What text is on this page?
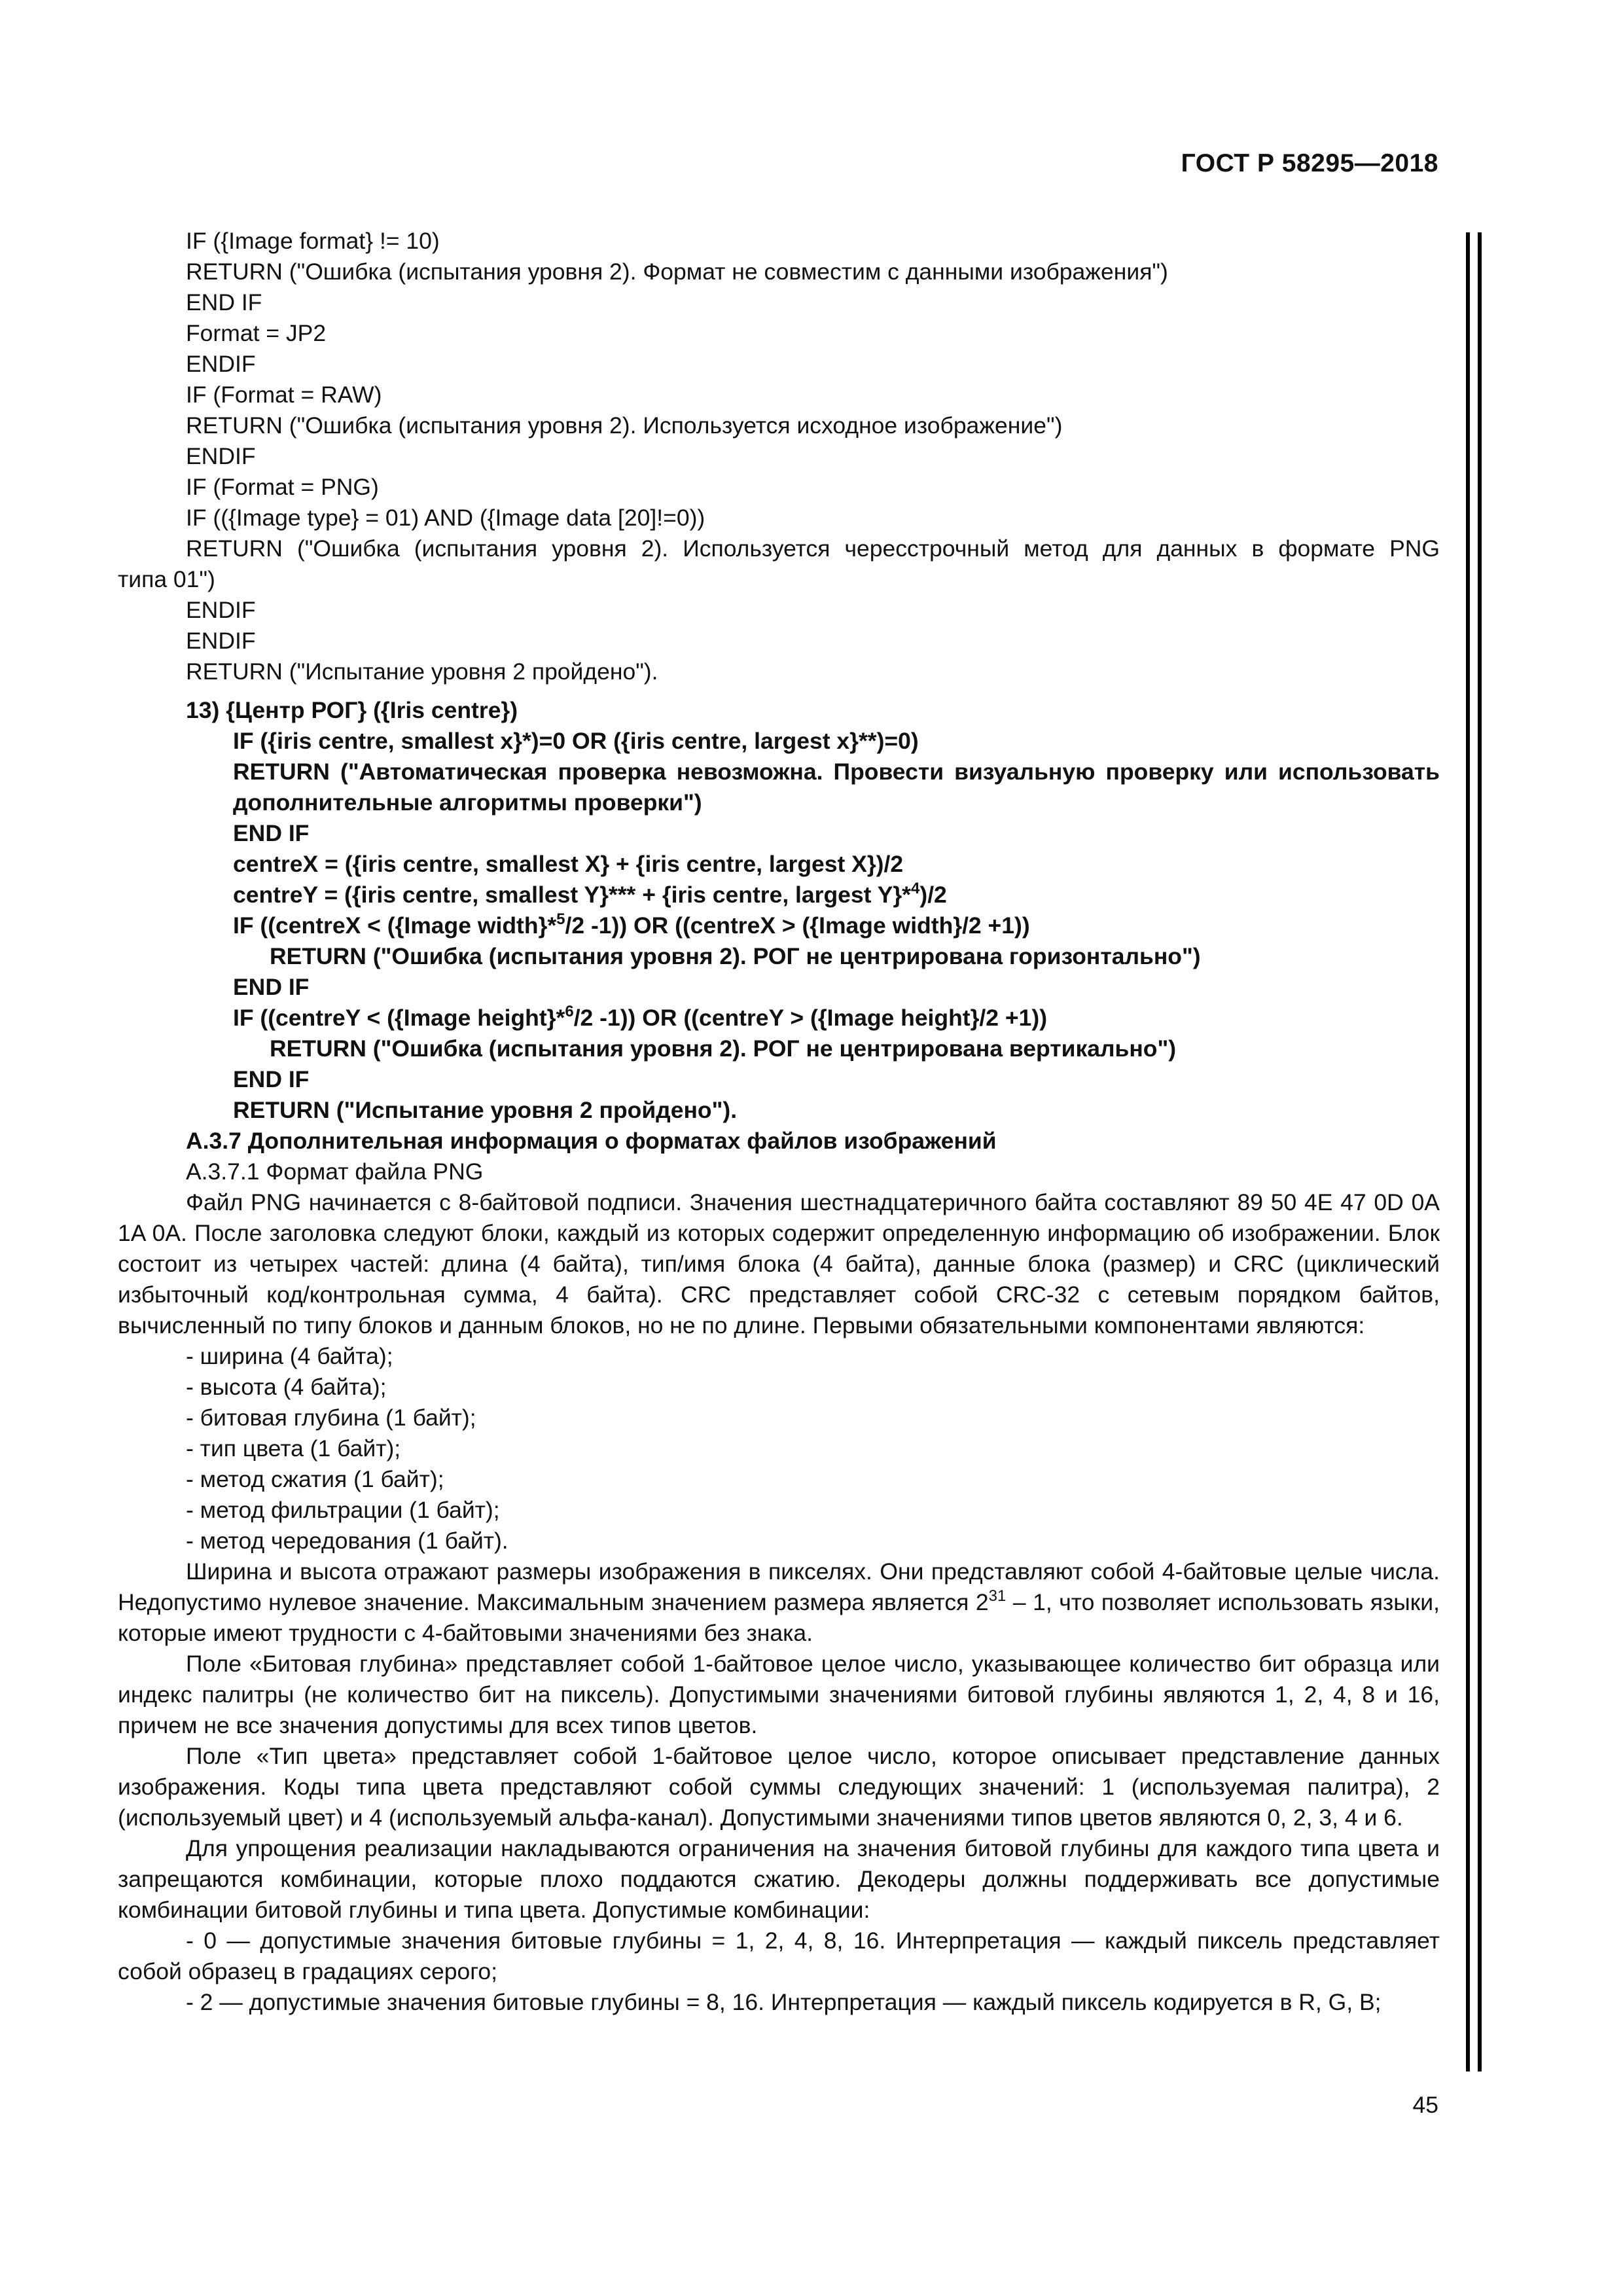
ГОСТ Р 58295—2018
IF ({Image format} != 10)
RETURN ("Ошибка (испытания уровня 2). Формат не совместим с данными изображения")
END IF
Format = JP2
ENDIF
IF (Format = RAW)
RETURN ("Ошибка (испытания уровня 2). Используется исходное изображение")
ENDIF
IF (Format = PNG)
IF (({Image type} = 01) AND ({Image data [20]!=0))
RETURN ("Ошибка (испытания уровня 2). Используется чересстрочный метод для данных в формате PNG
типа 01")
ENDIF
ENDIF
RETURN ("Испытание уровня 2 пройдено").
13) {Центр РОГ} ({Iris centre})
IF ({iris centre, smallest x}*)=0 OR ({iris centre, largest x}**)=0)
RETURN ("Автоматическая проверка невозможна. Провести визуальную проверку или использовать
дополнительные алгоритмы проверки")
END IF
centreX = ({iris centre, smallest X} + {iris centre, largest X})/2
centreY = ({iris centre, smallest Y}*** + {iris centre, largest Y}*$^4$)/2
IF ((centreX < ({Image width}*$^5$/2 -1)) OR ((centreX > ({Image width}/2 +1))
RETURN ("Ошибка (испытания уровня 2). РОГ не центрирована горизонтально")
END IF
IF ((centreY < ({Image height}*$^6$/2 -1)) OR ((centreY > ({Image height}/2 +1))
RETURN ("Ошибка (испытания уровня 2). РОГ не центрирована вертикально")
END IF
RETURN ("Испытание уровня 2 пройдено").
А.3.7 Дополнительная информация о форматах файлов изображений
А.3.7.1 Формат файла PNG
Файл PNG начинается с 8-байтовой подписи. Значения шестнадцатеричного байта составляют 89 50 4E 47 0D 0A 1A 0A. После заголовка следуют блоки, каждый из которых содержит определенную информацию об изображении. Блок состоит из четырех частей: длина (4 байта), тип/имя блока (4 байта), данные блока (размер) и CRC (циклический избыточный код/контрольная сумма, 4 байта). CRC представляет собой CRC-32 с сетевым порядком байтов, вычисленный по типу блоков и данным блоков, но не по длине. Первыми обязательными компонентами являются:
- ширина (4 байта);
- высота (4 байта);
- битовая глубина (1 байт);
- тип цвета (1 байт);
- метод сжатия (1 байт);
- метод фильтрации (1 байт);
- метод чередования (1 байт).
Ширина и высота отражают размеры изображения в пикселях. Они представляют собой 4-байтовые целые числа. Недопустимо нулевое значение. Максимальным значением размера является $2^{31} - 1$, что позволяет использовать языки, которые имеют трудности с 4-байтовыми значениями без знака.
Поле «Битовая глубина» представляет собой 1-байтовое целое число, указывающее количество бит образца или индекс палитры (не количество бит на пиксель). Допустимыми значениями битовой глубины являются 1, 2, 4, 8 и 16, причем не все значения допустимы для всех типов цветов.
Поле «Тип цвета» представляет собой 1-байтовое целое число, которое описывает представление данных изображения. Коды типа цвета представляют собой суммы следующих значений: 1 (используемая палитра), 2 (используемый цвет) и 4 (используемый альфа-канал). Допустимыми значениями типов цветов являются 0, 2, 3, 4 и 6.
Для упрощения реализации накладываются ограничения на значения битовой глубины для каждого типа цвета и запрещаются комбинации, которые плохо поддаются сжатию. Декодеры должны поддерживать все допустимые комбинации битовой глубины и типа цвета. Допустимые комбинации:
- 0 — допустимые значения битовые глубины = 1, 2, 4, 8, 16. Интерпретация — каждый пиксель представляет собой образец в градациях серого;
- 2 — допустимые значения битовые глубины = 8, 16. Интерпретация — каждый пиксель кодируется в R, G, B;
45
